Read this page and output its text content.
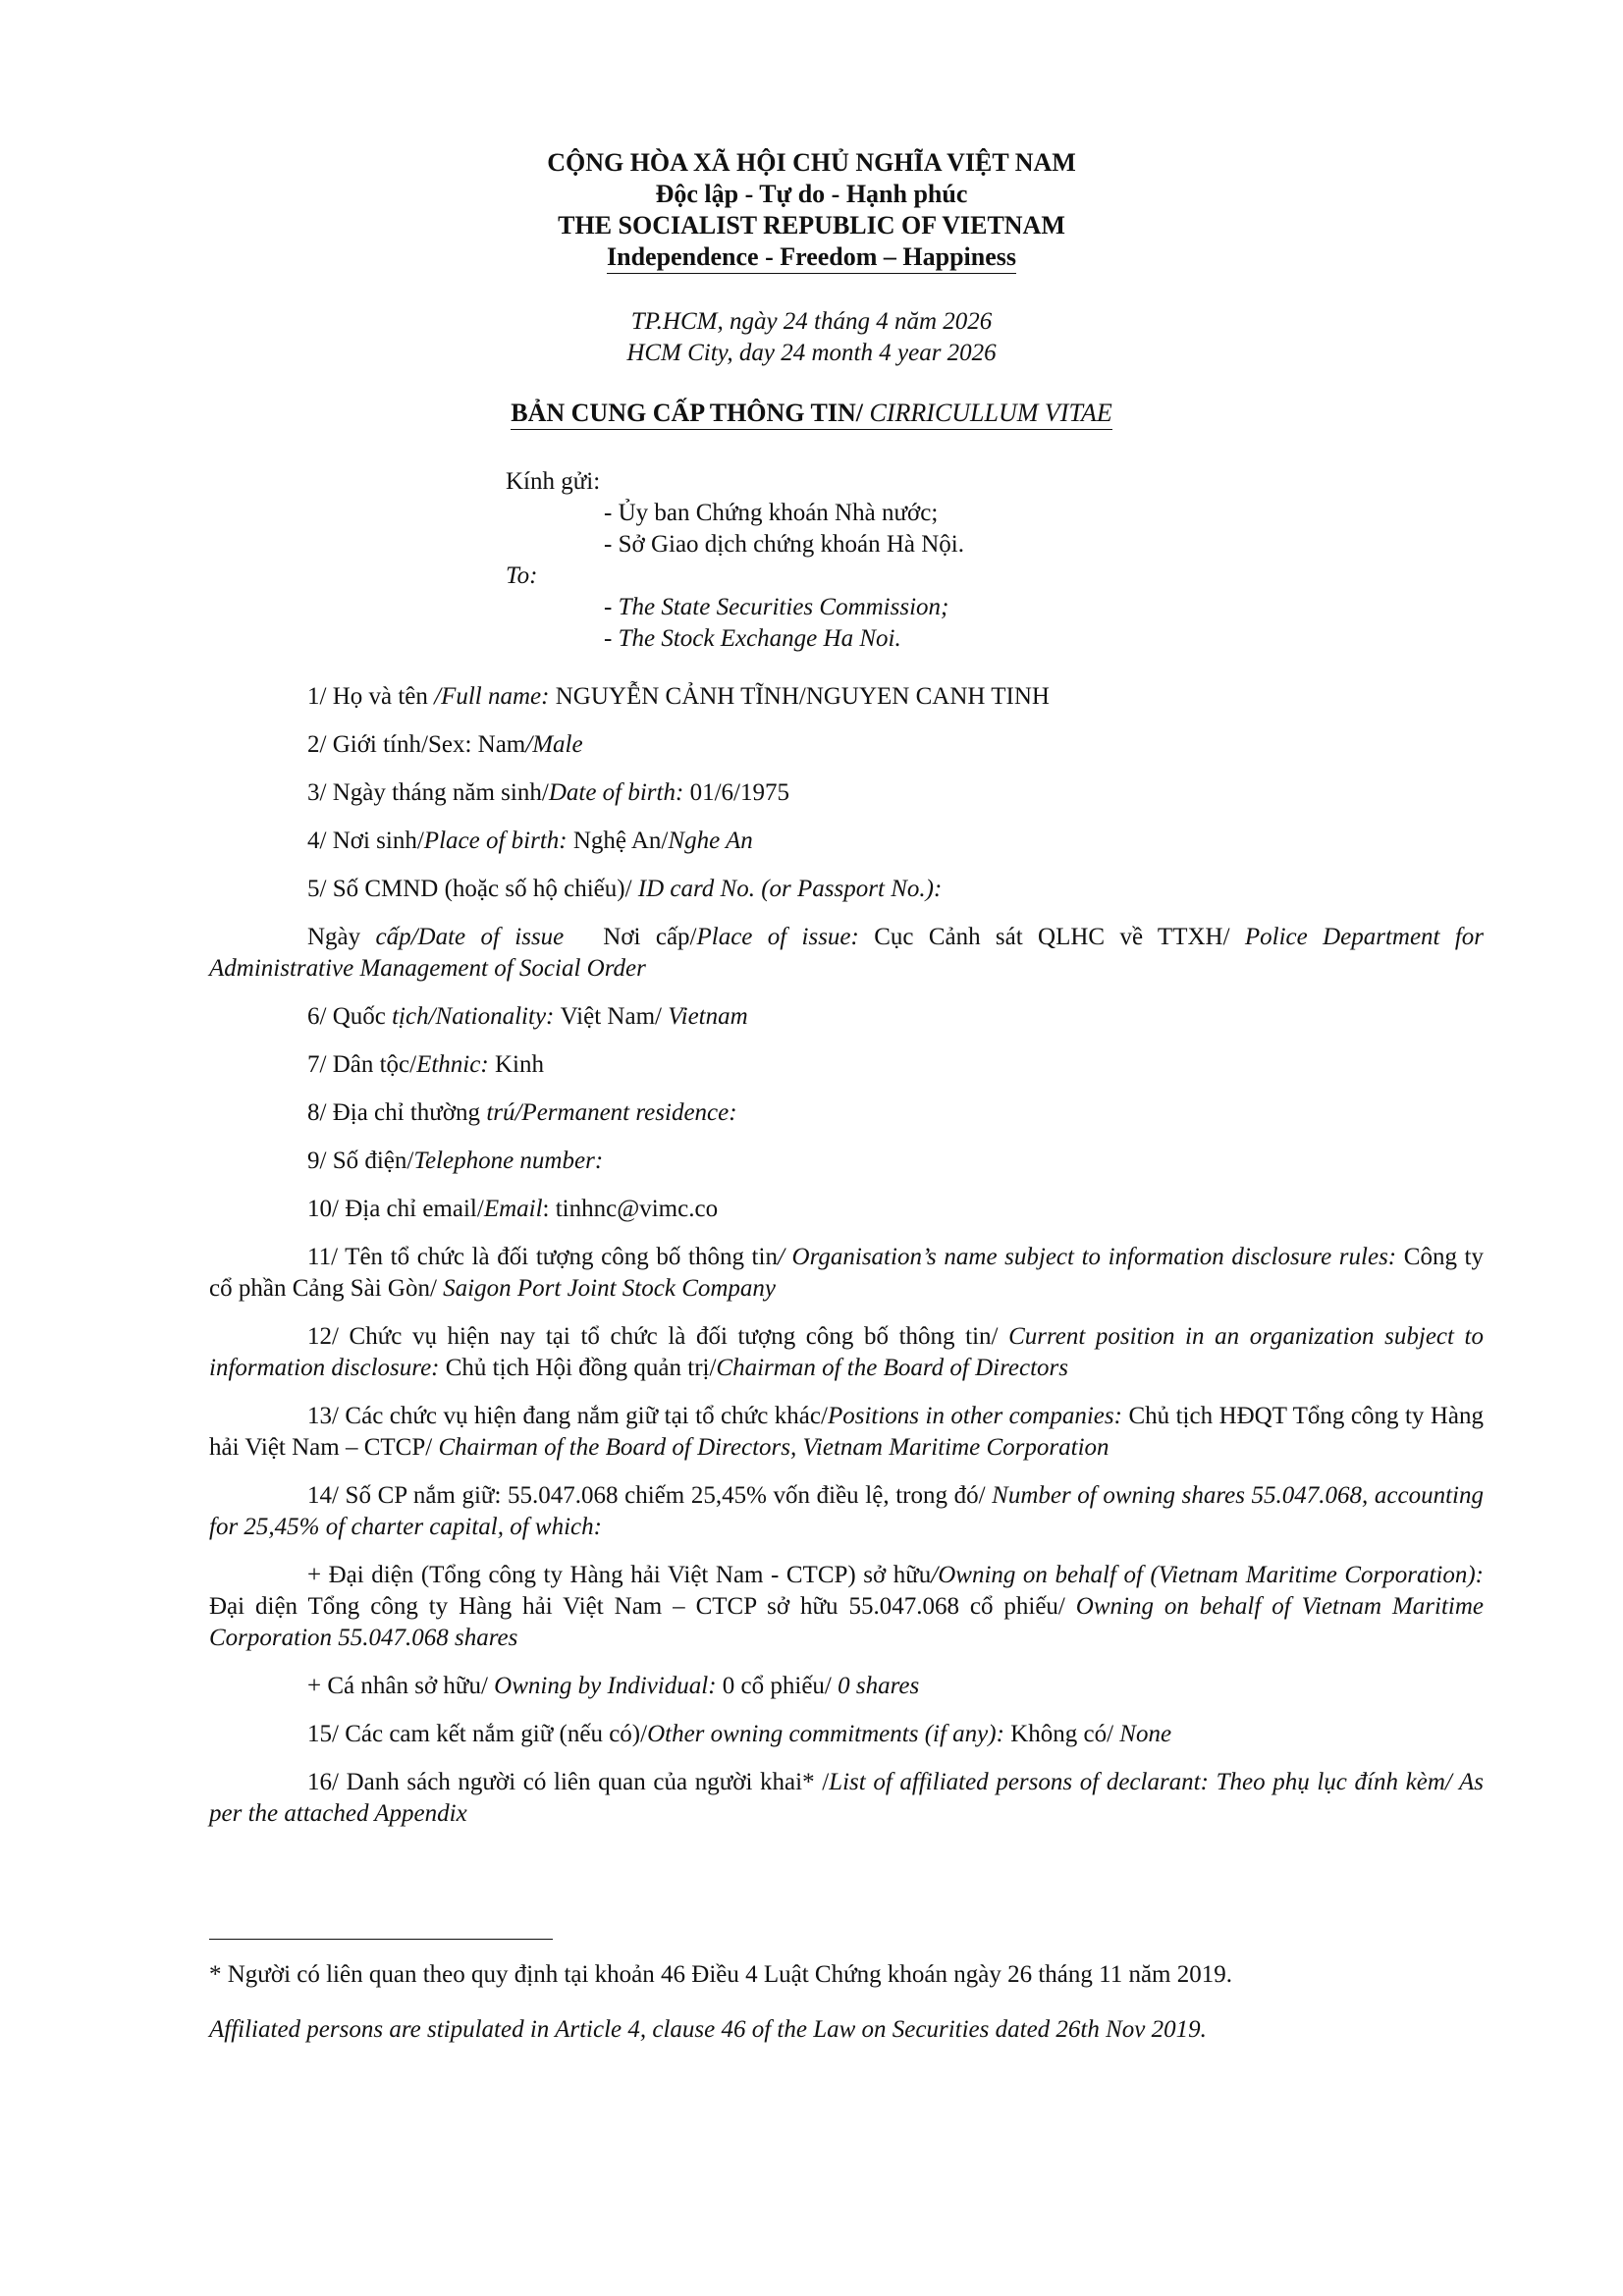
CỘNG HÒA XÃ HỘI CHỦ NGHĨA VIỆT NAM
Độc lập - Tự do - Hạnh phúc
THE SOCIALIST REPUBLIC OF VIETNAM
Independence - Freedom – Happiness
TP.HCM, ngày 24 tháng 4 năm 2026
HCM City, day 24 month 4 year 2026
BẢN CUNG CẤP THÔNG TIN/ CIRRICULLUM VITAE
Kính gửi:
- Ủy ban Chứng khoán Nhà nước;
- Sở Giao dịch chứng khoán Hà Nội.
To:
- The State Securities Commission;
- The Stock Exchange Ha Noi.

1/ Họ và tên /Full name: NGUYỄN CẢNH TĨNH/NGUYEN CANH TINH

2/ Giới tính/Sex: Nam/Male

3/ Ngày tháng năm sinh/Date of birth: 01/6/1975

4/ Nơi sinh/Place of birth: Nghệ An/Nghe An

5/ Số CMND (hoặc số hộ chiếu)/ ID card No. (or Passport No.):

Ngày cấp/Date of issue Nơi cấp/Place of issue: Cục Cảnh sát QLHC về TTXH/ Police Department for Administrative Management of Social Order

6/ Quốc tịch/Nationality: Việt Nam/ Vietnam

7/ Dân tộc/Ethnic: Kinh

8/ Địa chỉ thường trú/Permanent residence:

9/ Số điện/Telephone number:

10/ Địa chỉ email/Email: tinhnc@vimc.co

11/ Tên tổ chức là đối tượng công bố thông tin/ Organisation’s name subject to information disclosure rules: Công ty cổ phần Cảng Sài Gòn/ Saigon Port Joint Stock Company

12/ Chức vụ hiện nay tại tổ chức là đối tượng công bố thông tin/ Current position in an organization subject to information disclosure: Chủ tịch Hội đồng quản trị/Chairman of the Board of Directors

13/ Các chức vụ hiện đang nắm giữ tại tổ chức khác/Positions in other companies: Chủ tịch HĐQT Tổng công ty Hàng hải Việt Nam – CTCP/ Chairman of the Board of Directors, Vietnam Maritime Corporation

14/ Số CP nắm giữ: 55.047.068 chiếm 25,45% vốn điều lệ, trong đó/ Number of owning shares 55.047.068, accounting for 25,45% of charter capital, of which:

+ Đại diện (Tổng công ty Hàng hải Việt Nam - CTCP) sở hữu/Owning on behalf of (Vietnam Maritime Corporation): Đại diện Tổng công ty Hàng hải Việt Nam – CTCP sở hữu 55.047.068 cổ phiếu/ Owning on behalf of Vietnam Maritime Corporation 55.047.068 shares

+ Cá nhân sở hữu/ Owning by Individual: 0 cổ phiếu/ 0 shares

15/ Các cam kết nắm giữ (nếu có)/Other owning commitments (if any): Không có/ None

16/ Danh sách người có liên quan của người khai* /List of affiliated persons of declarant: Theo phụ lục đính kèm/ As per the attached Appendix

* Người có liên quan theo quy định tại khoản 46 Điều 4 Luật Chứng khoán ngày 26 tháng 11 năm 2019.
Affiliated persons are stipulated in Article 4, clause 46 of the Law on Securities dated 26th Nov 2019.
